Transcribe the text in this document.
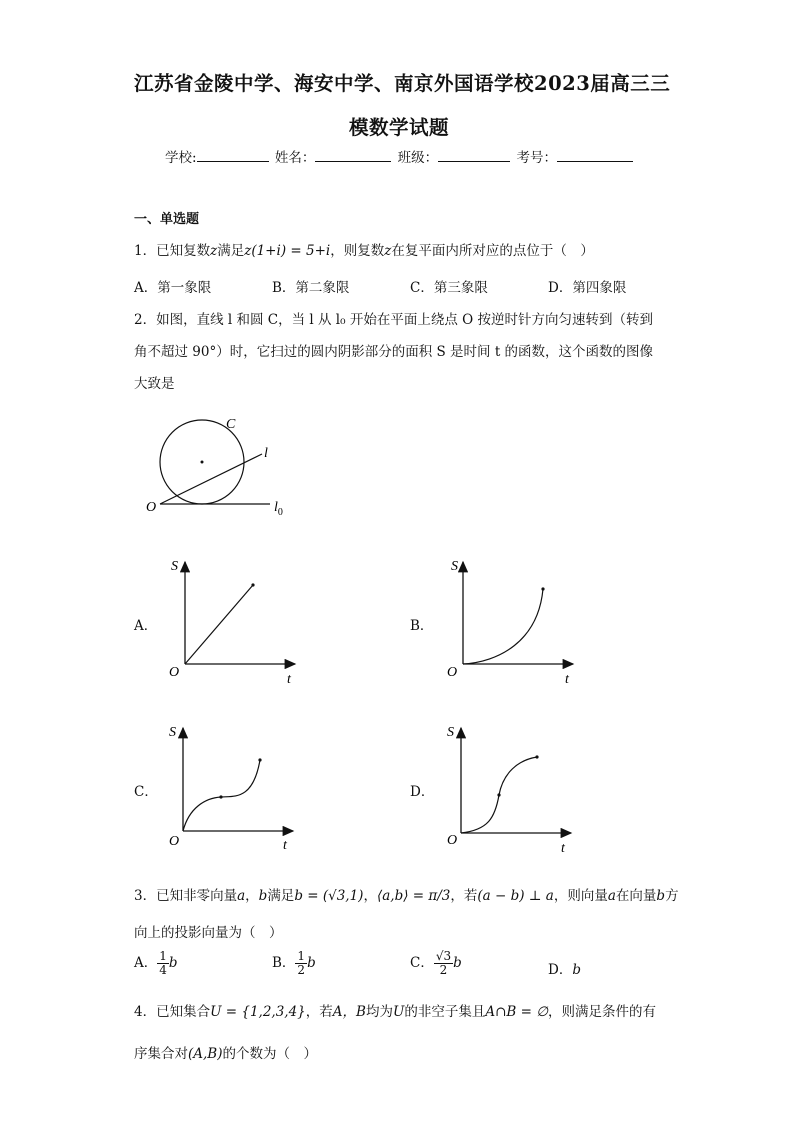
江苏省金陵中学、海安中学、南京外国语学校2023届高三三
模数学试题
学校:	姓名：	班级：	考号：
一、单选题
1．已知复数z满足z(1+i) = 5+i，则复数z在复平面内所对应的点位于（　）
A．第一象限	B．第二象限	C．第三象限	D．第四象限
2．如图，直线 l 和圆 C，当 l 从 l₀ 开始在平面上绕点 O 按逆时针方向匀速转到（转到
角不超过 90°）时，它扫过的圆内阴影部分的面积 S 是时间 t 的函数，这个函数的图像
大致是
C
l
O	$l_0$
A．	B．
C．	D．
S
t
O
S
t
O
S
t
O
S
t
O
3．已知非零向量a，b满足b = (√3,1)，⟨a,b⟩ = π/3，若(a − b) ⊥ a，则向量a在向量b方
向上的投影向量为（　）
A． $\frac{1}{4}$ b	B． $\frac{1}{2}$ b	C． $\frac{√3}{2}$ b	D．b
4．已知集合U = {1,2,3,4}，若A，B均为U的非空子集且A∩B = ∅，则满足条件的有
序集合对(A,B)的个数为（　）
